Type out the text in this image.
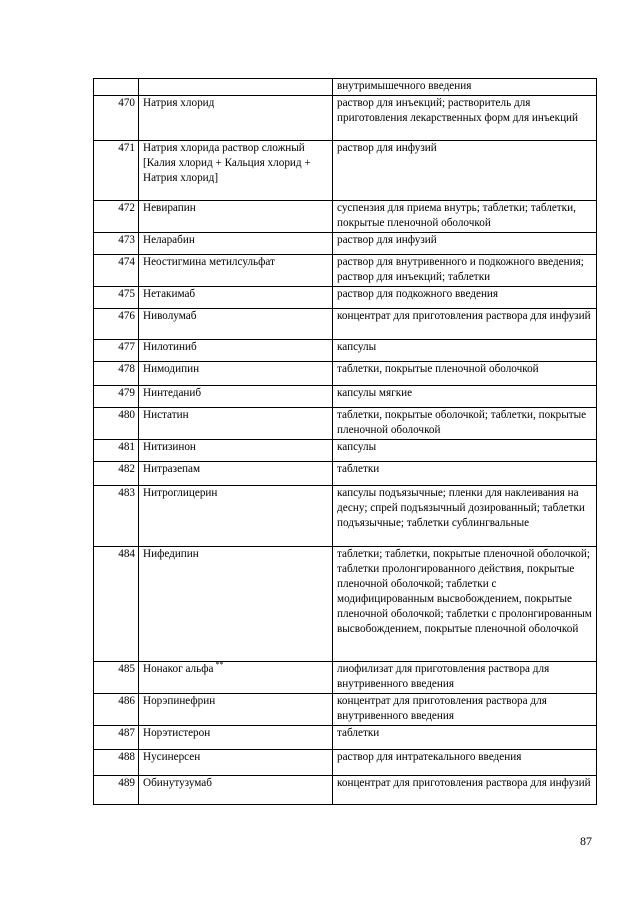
		внутримышечного введения
470	Натрия хлорид	раствор для инъекций; растворитель для приготовления лекарственных форм для инъекций
471	Натрия хлорида раствор сложный [Калия хлорид + Кальция хлорид + Натрия хлорид]	раствор для инфузий
472	Невирапин	суспензия для приема внутрь; таблетки; таблетки, покрытые пленочной оболочкой
473	Неларабин	раствор для инфузий
474	Неостигмина метилсульфат	раствор для внутривенного и подкожного введения; раствор для инъекций; таблетки
475	Нетакимаб	раствор для подкожного введения
476	Ниволумаб	концентрат для приготовления раствора для инфузий
477	Нилотиниб	капсулы
478	Нимодипин	таблетки, покрытые пленочной оболочкой
479	Нинтеданиб	капсулы мягкие
480	Нистатин	таблетки, покрытые оболочкой; таблетки, покрытые пленочной оболочкой
481	Нитизинон	капсулы
482	Нитразепам	таблетки
483	Нитроглицерин	капсулы подъязычные; пленки для наклеивания на десну; спрей подъязычный дозированный; таблетки подъязычные; таблетки сублингвальные
484	Нифедипин	таблетки; таблетки, покрытые пленочной оболочкой; таблетки пролонгированного действия, покрытые пленочной оболочкой; таблетки с модифицированным высвобождением, покрытые пленочной оболочкой; таблетки с пролонгированным высвобождением, покрытые пленочной оболочкой
485	Нонаког альфа **	лиофилизат для приготовления раствора для внутривенного введения
486	Норэпинефрин	концентрат для приготовления раствора для внутривенного введения
487	Норэтистерон	таблетки
488	Нусинерсен	раствор для интратекального введения
489	Обинутузумаб	концентрат для приготовления раствора для инфузий
87
